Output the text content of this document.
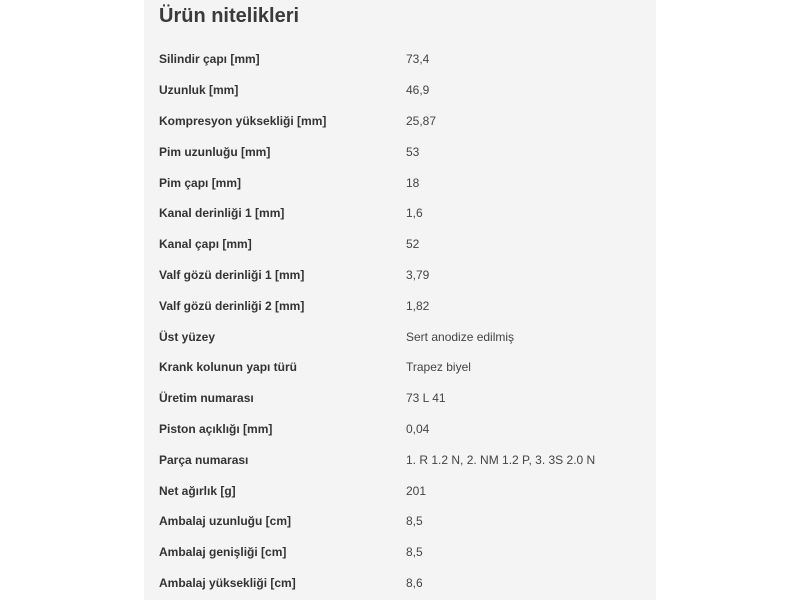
Ürün nitelikleri
Silindir çapı [mm]	73,4
Uzunluk [mm]	46,9
Kompresyon yüksekliği [mm]	25,87
Pim uzunluğu [mm]	53
Pim çapı [mm]	18
Kanal derinliği 1 [mm]	1,6
Kanal çapı [mm]	52
Valf gözü derinliği 1 [mm]	3,79
Valf gözü derinliği 2 [mm]	1,82
Üst yüzey	Sert anodize edilmiş
Krank kolunun yapı türü	Trapez biyel
Üretim numarası	73 L 41
Piston açıklığı [mm]	0,04
Parça numarası	1. R 1.2 N, 2. NM 1.2 P, 3. 3S 2.0 N
Net ağırlık [g]	201
Ambalaj uzunluğu [cm]	8,5
Ambalaj genişliği [cm]	8,5
Ambalaj yüksekliği [cm]	8,6
